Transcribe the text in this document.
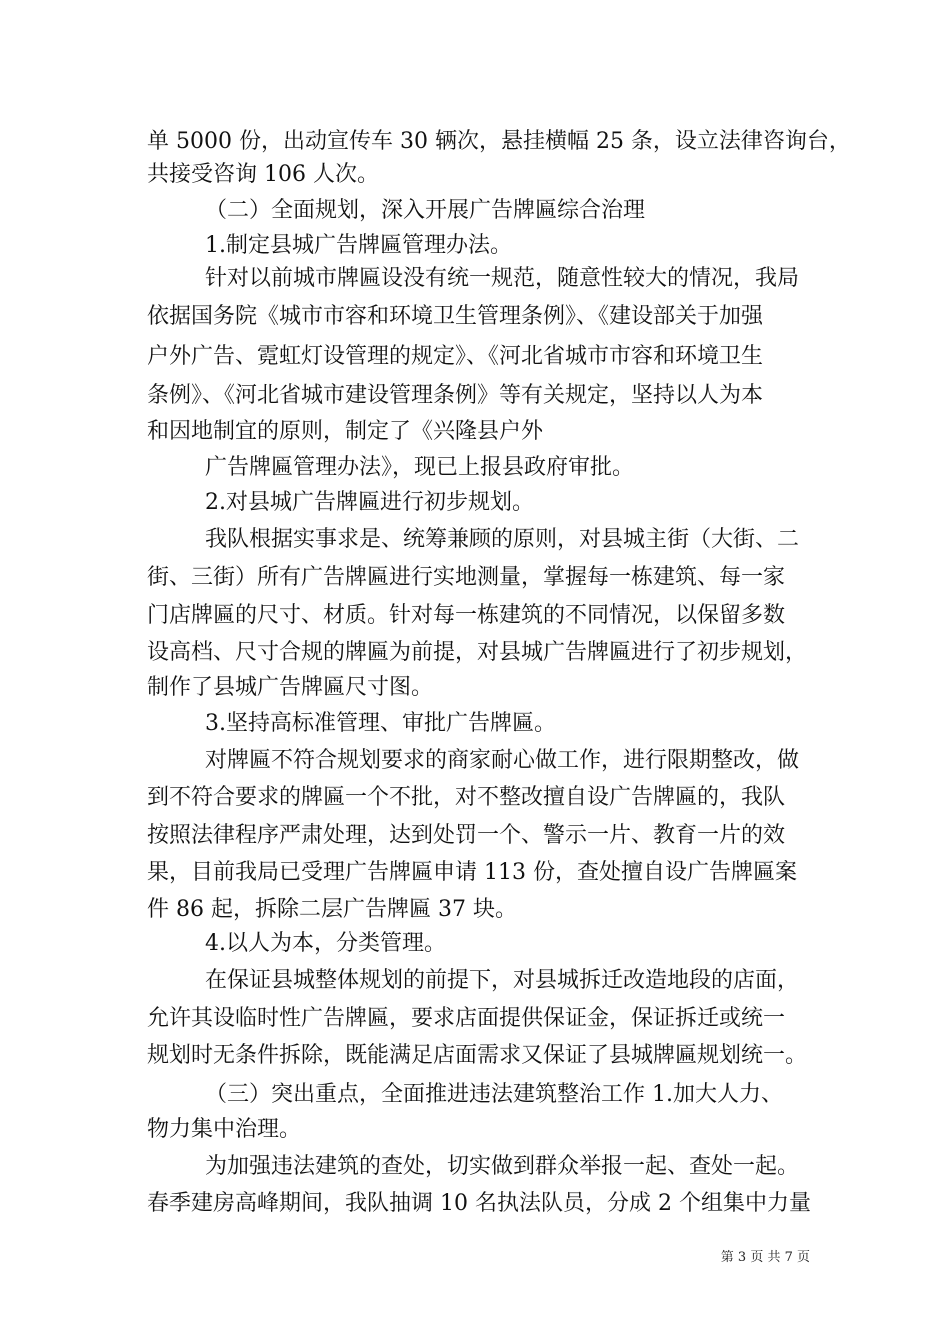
单 5000 份，出动宣传车 30 辆次，悬挂横幅 25 条，设立法律咨询台，
共接受咨询 106 人次。
（二）全面规划，深入开展广告牌匾综合治理
1.制定县城广告牌匾管理办法。
针对以前城市牌匾设没有统一规范，随意性较大的情况，我局
依据国务院《城市市容和环境卫生管理条例》、《建设部关于加强
户外广告、霓虹灯设管理的规定》、《河北省城市市容和环境卫生
条例》、《河北省城市建设管理条例》等有关规定，坚持以人为本
和因地制宜的原则，制定了《兴隆县户外
广告牌匾管理办法》，现已上报县政府审批。
2.对县城广告牌匾进行初步规划。
我队根据实事求是、统筹兼顾的原则，对县城主街（大街、二
街、三街）所有广告牌匾进行实地测量，掌握每一栋建筑、每一家
门店牌匾的尺寸、材质。针对每一栋建筑的不同情况，以保留多数
设高档、尺寸合规的牌匾为前提，对县城广告牌匾进行了初步规划，
制作了县城广告牌匾尺寸图。
3.坚持高标准管理、审批广告牌匾。
对牌匾不符合规划要求的商家耐心做工作，进行限期整改，做
到不符合要求的牌匾一个不批，对不整改擅自设广告牌匾的，我队
按照法律程序严肃处理，达到处罚一个、警示一片、教育一片的效
果，目前我局已受理广告牌匾申请 113 份，查处擅自设广告牌匾案
件 86 起，拆除二层广告牌匾 37 块。
4.以人为本，分类管理。
在保证县城整体规划的前提下，对县城拆迁改造地段的店面，
允许其设临时性广告牌匾，要求店面提供保证金，保证拆迁或统一
规划时无条件拆除，既能满足店面需求又保证了县城牌匾规划统一。
（三）突出重点，全面推进违法建筑整治工作 1.加大人力、
物力集中治理。
为加强违法建筑的查处，切实做到群众举报一起、查处一起。
春季建房高峰期间，我队抽调 10 名执法队员，分成 2 个组集中力量
第 3 页 共 7 页
